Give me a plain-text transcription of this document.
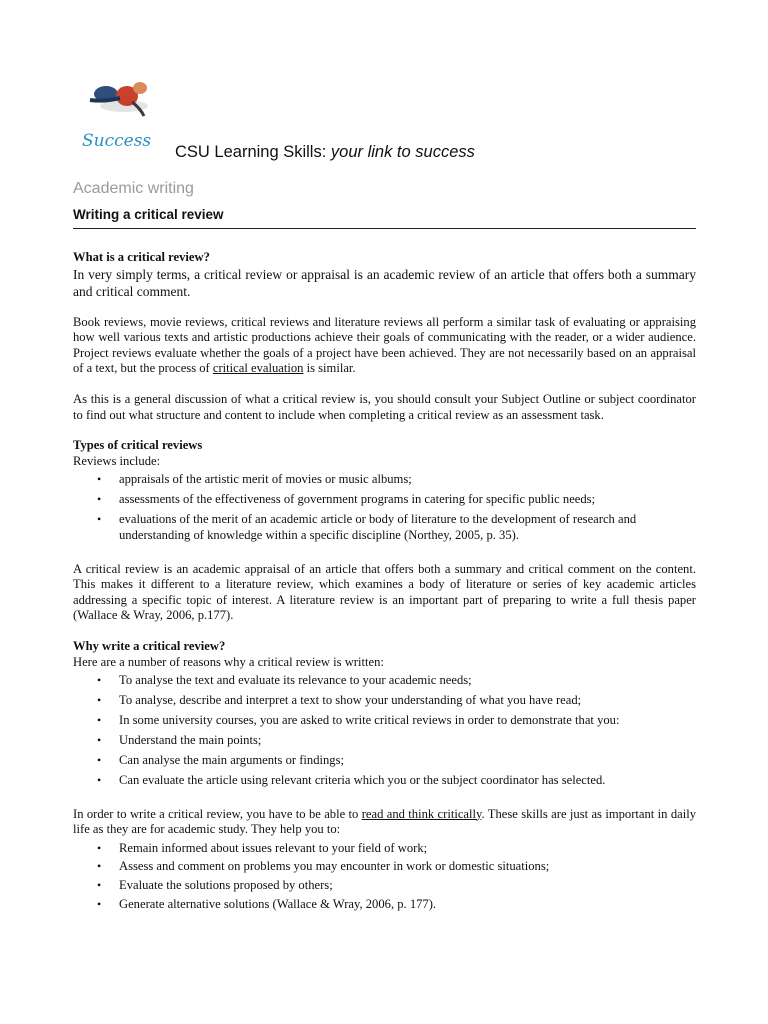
Success
CSU Learning Skills: your link to success
Academic writing
Writing a critical review

What is a critical review?

In very simply terms, a critical review or appraisal is an academic review of an article that offers both a summary and critical comment.

Book reviews, movie reviews, critical reviews and literature reviews all perform a similar task of evaluating or appraising how well various texts and artistic productions achieve their goals of communicating with the reader, or a wider audience. Project reviews evaluate whether the goals of a project have been achieved. They are not necessarily based on an appraisal of a text, but the process of critical evaluation is similar.

As this is a general discussion of what a critical review is, you should consult your Subject Outline or subject coordinator to find out what structure and content to include when completing a critical review as an assessment task.

Types of critical reviews

Reviews include:

• appraisals of the artistic merit of movies or music albums;
• assessments of the effectiveness of government programs in catering for specific public needs;
• evaluations of the merit of an academic article or body of literature to the development of research and understanding of knowledge within a specific discipline (Northey, 2005, p. 35).

A critical review is an academic appraisal of an article that offers both a summary and critical comment on the content. This makes it different to a literature review, which examines a body of literature or series of key academic articles addressing a specific topic of interest. A literature review is an important part of preparing to write a full thesis paper (Wallace & Wray, 2006, p.177).

Why write a critical review?

Here are a number of reasons why a critical review is written:

• To analyse the text and evaluate its relevance to your academic needs;
• To analyse, describe and interpret a text to show your understanding of what you have read;
• In some university courses, you are asked to write critical reviews in order to demonstrate that you:
• Understand the main points;
• Can analyse the main arguments or findings;
• Can evaluate the article using relevant criteria which you or the subject coordinator has selected.

In order to write a critical review, you have to be able to read and think critically. These skills are just as important in daily life as they are for academic study. They help you to:

• Remain informed about issues relevant to your field of work;
• Assess and comment on problems you may encounter in work or domestic situations;
• Evaluate the solutions proposed by others;
• Generate alternative solutions (Wallace & Wray, 2006, p. 177).
